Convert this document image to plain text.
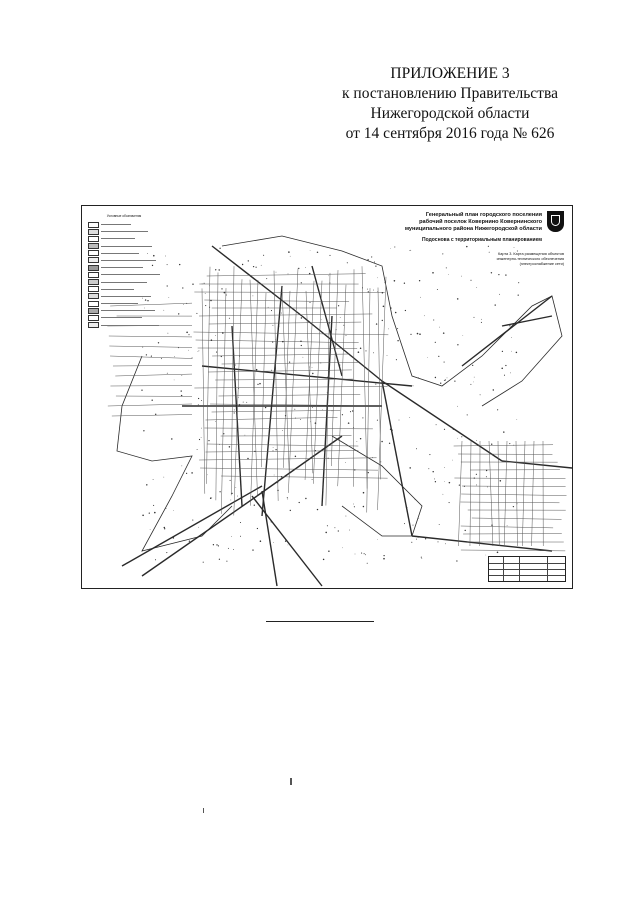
ПРИЛОЖЕНИЕ 3
к постановлению Правительства
Нижегородской области
от 14 сентября 2016 года № 626
Условные обозначения	Генеральный план городского поселения
рабочий поселок Ковернино Ковернинского
муниципального района Нижегородской области
Подосновa с территориальным планировaнием
Карта 3. Карта размещения объектов
инженерно-технического обеспечения
(электроснабжение сети)
